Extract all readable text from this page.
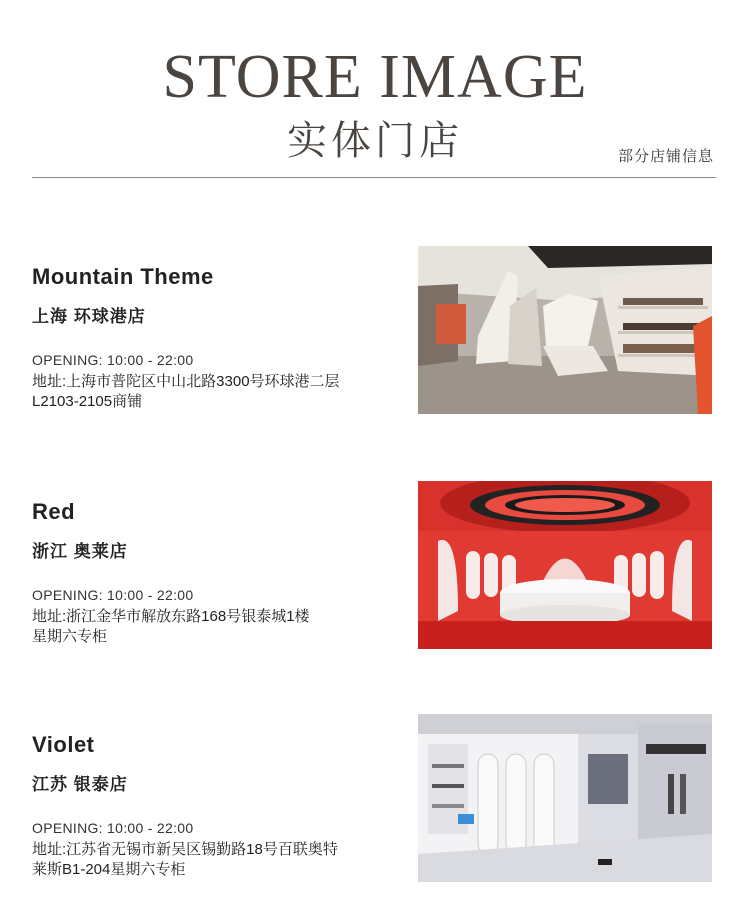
STORE IMAGE
实体门店	部分店铺信息
Mountain Theme
上海 环球港店
OPENING: 10:00 - 22:00
地址:上海市普陀区中山北路3300号环球港二层
L2103-2105商铺
Red
浙江 奥莱店
OPENING: 10:00 - 22:00
地址:浙江金华市解放东路168号银泰城1楼
星期六专柜
Violet
江苏 银泰店
OPENING: 10:00 - 22:00
地址:江苏省无锡市新吴区锡勤路18号百联奥特
莱斯B1-204星期六专柜
